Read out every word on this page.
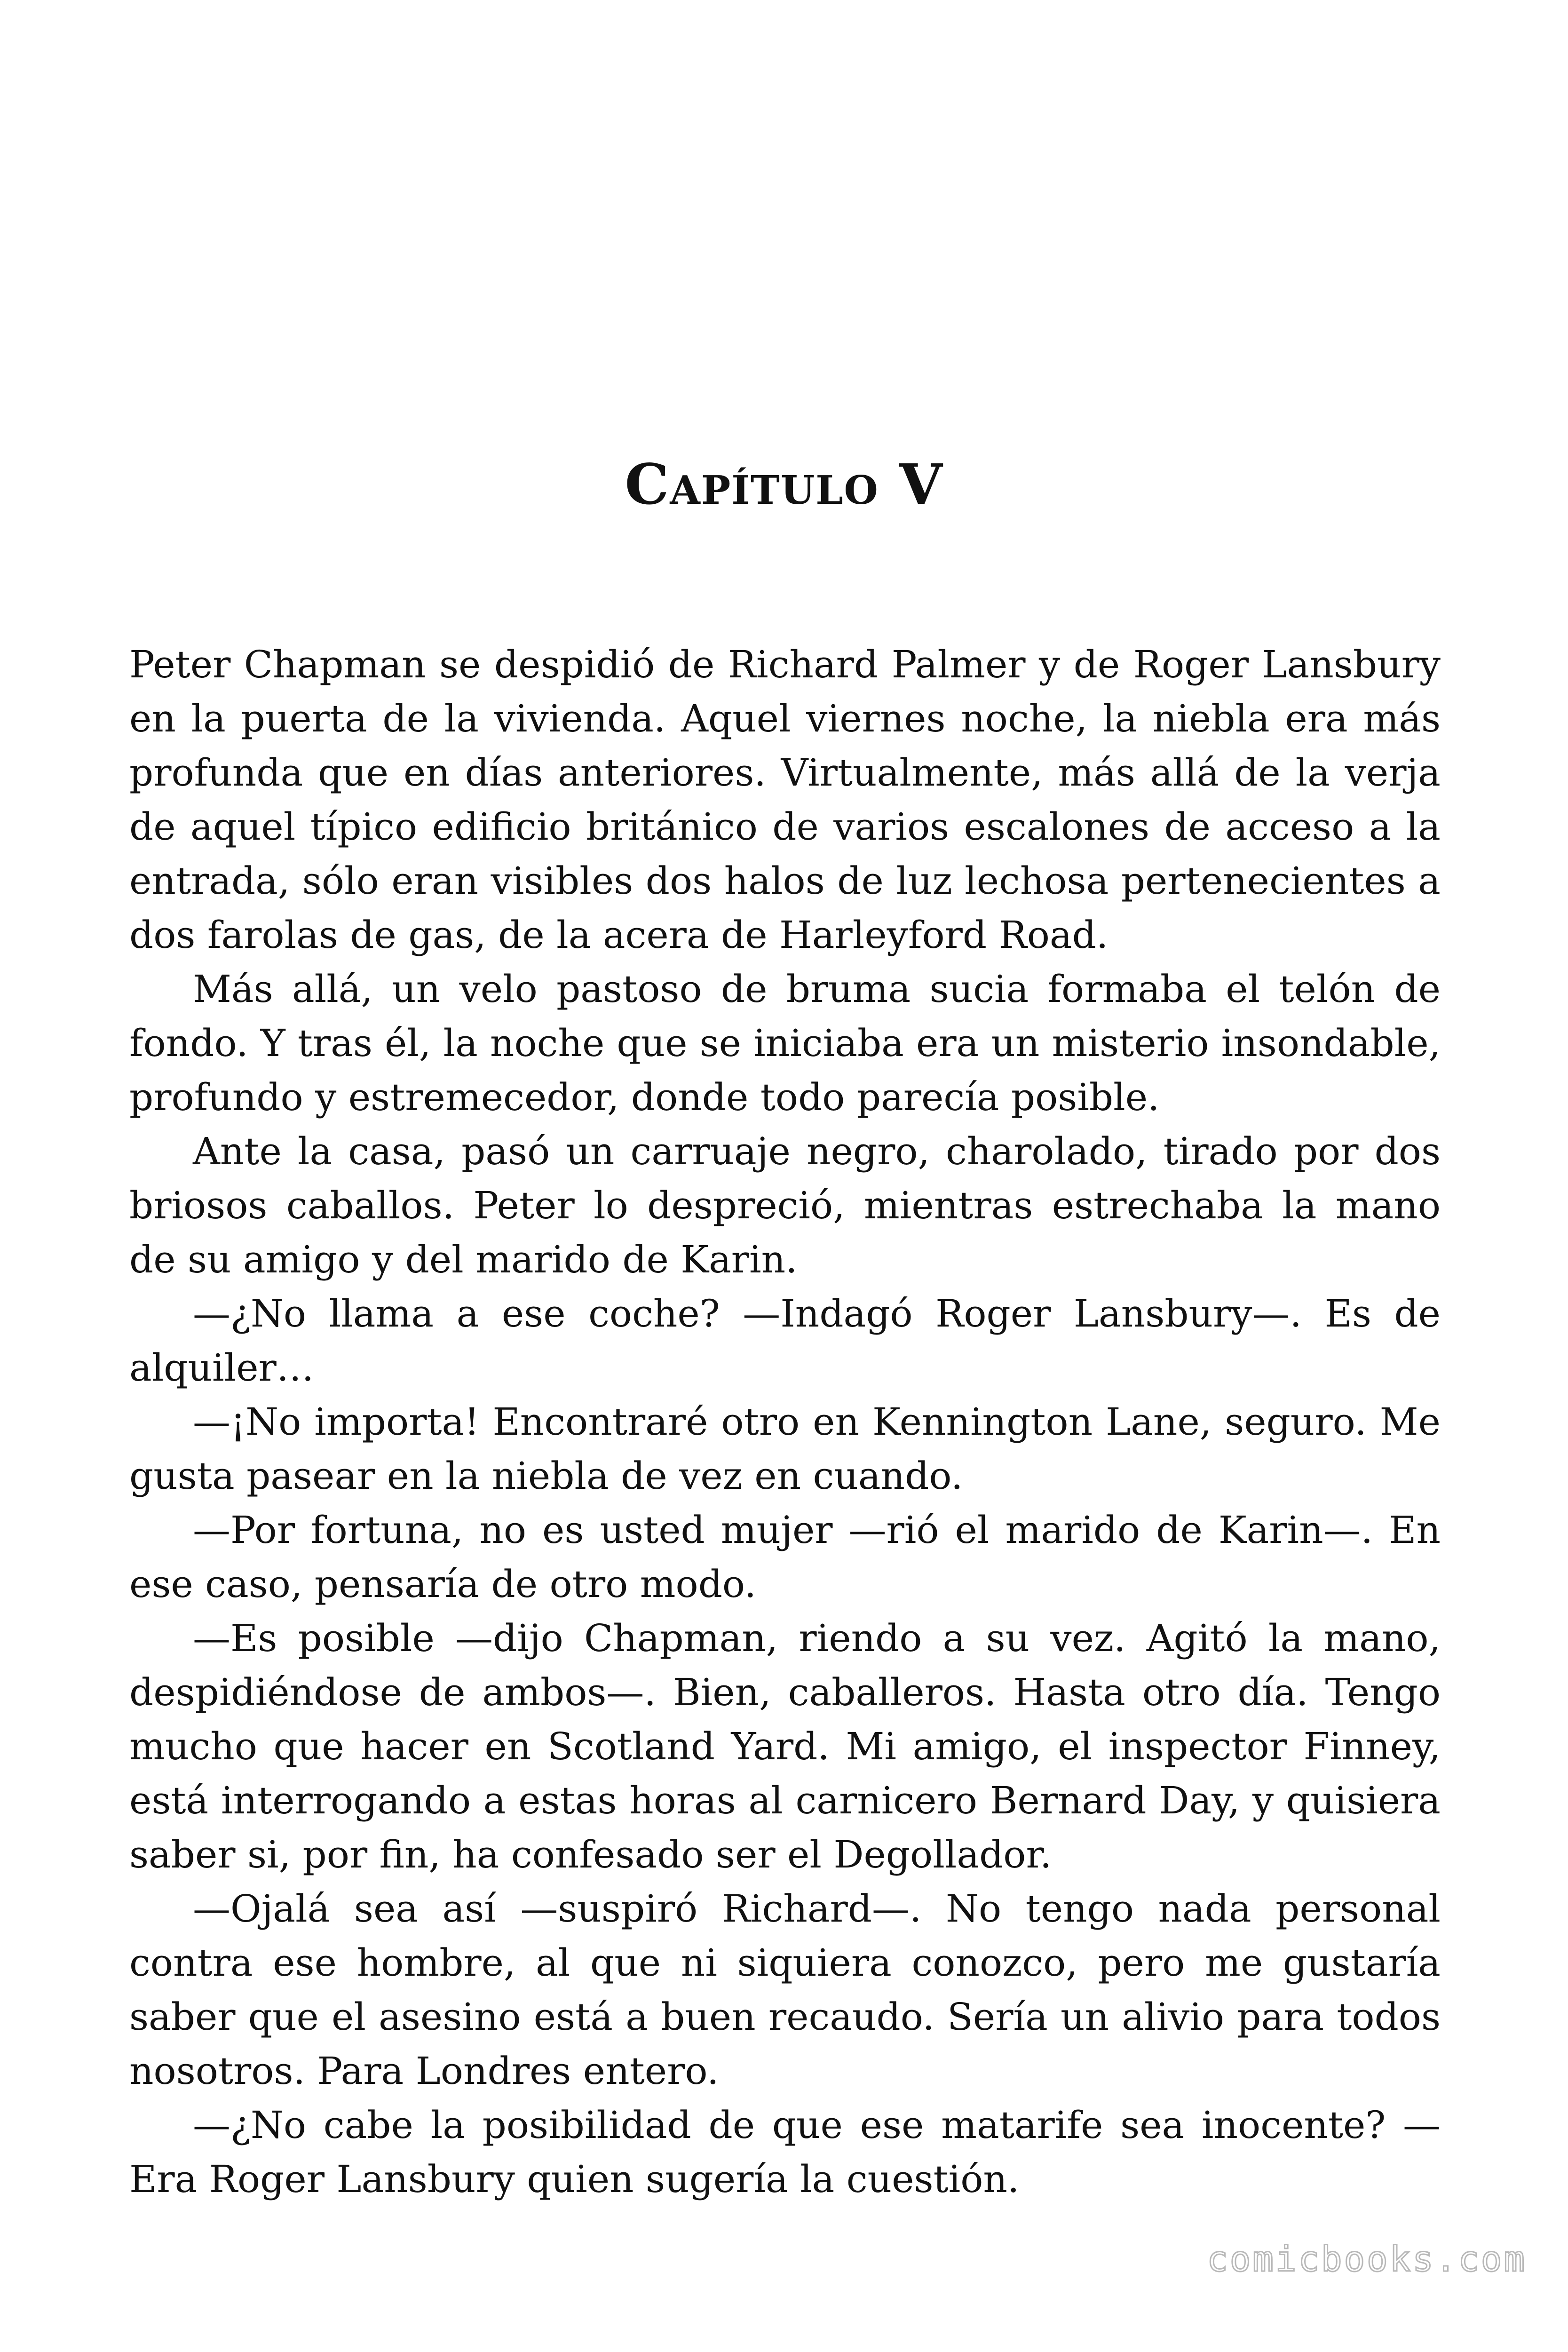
Capítulo V

Peter Chapman se despidió de Richard Palmer y de Roger Lansbury en la puerta de la vivienda. Aquel viernes noche, la niebla era más profunda que en días anteriores. Virtualmente, más allá de la verja de aquel típico edificio británico de varios escalones de acceso a la entrada, sólo eran visibles dos halos de luz lechosa pertenecientes a dos farolas de gas, de la acera de Harleyford Road.

Más allá, un velo pastoso de bruma sucia formaba el telón de fondo. Y tras él, la noche que se iniciaba era un misterio insondable, profundo y estremecedor, donde todo parecía posible.

Ante la casa, pasó un carruaje negro, charolado, tirado por dos briosos caballos. Peter lo despreció, mientras estrechaba la mano de su amigo y del marido de Karin.

—¿No llama a ese coche? —Indagó Roger Lansbury—. Es de alquiler…

—¡No importa! Encontraré otro en Kennington Lane, seguro. Me gusta pasear en la niebla de vez en cuando.

—Por fortuna, no es usted mujer —rió el marido de Karin—. En ese caso, pensaría de otro modo.

—Es posible —dijo Chapman, riendo a su vez. Agitó la mano, despidiéndose de ambos—. Bien, caballeros. Hasta otro día. Tengo mucho que hacer en Scotland Yard. Mi amigo, el inspector Finney, está interrogando a estas horas al carnicero Bernard Day, y quisiera saber si, por fin, ha confesado ser el Degollador.

—Ojalá sea así —suspiró Richard—. No tengo nada personal contra ese hombre, al que ni siquiera conozco, pero me gustaría saber que el asesino está a buen recaudo. Sería un alivio para todos nosotros. Para Londres entero.

—¿No cabe la posibilidad de que ese matarife sea inocente? — Era Roger Lansbury quien sugería la cuestión.

comicbooks.com
